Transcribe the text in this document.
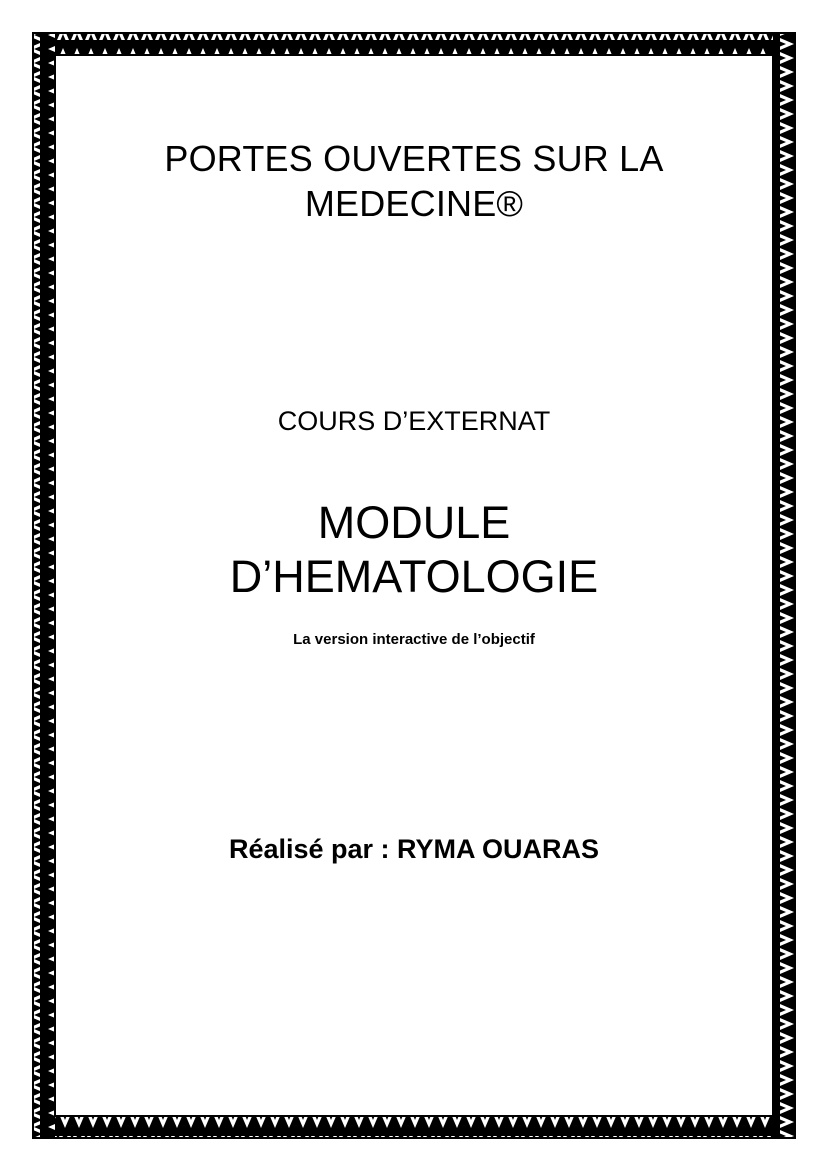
PORTES OUVERTES SUR LA
MEDECINE®
COURS D’EXTERNAT
MODULE
D’HEMATOLOGIE
La version interactive de l’objectif
Réalisé par : RYMA OUARAS
